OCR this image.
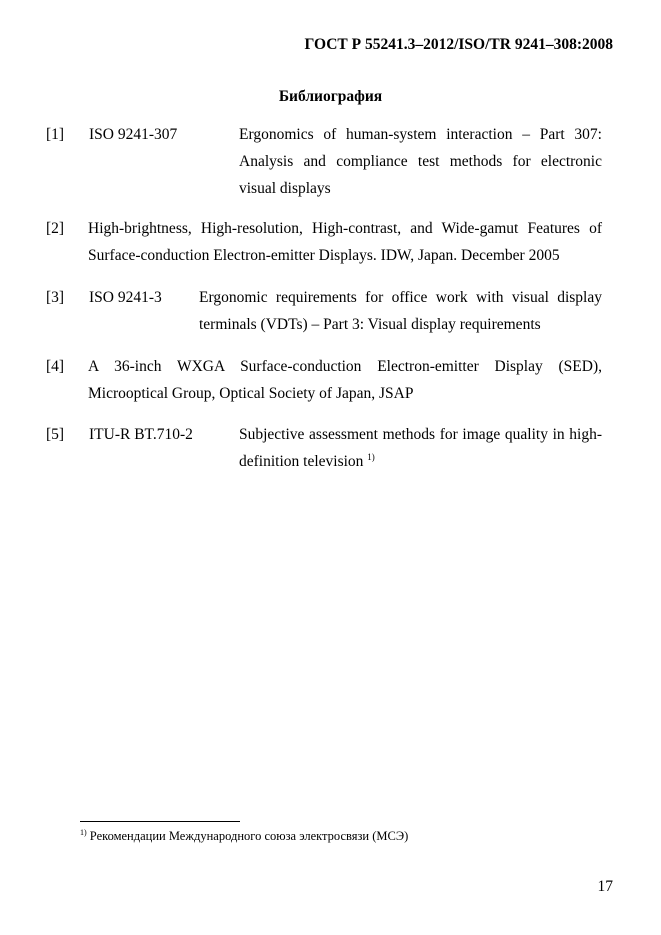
ГОСТ Р 55241.3–2012/ISO/TR 9241–308:2008
Библиография
[1] ISO 9241-307	Ergonomics of human-system interaction – Part 307:
Analysis and compliance test methods for electronic
visual displays
[2] High-brightness, High-resolution, High-contrast, and Wide-gamut Features of
Surface-conduction Electron-emitter Displays. IDW, Japan. December 2005
[3] ISO 9241-3 Ergonomic requirements for office work with visual display
terminals (VDTs) – Part 3: Visual display requirements
[4] A 36-inch WXGA Surface-conduction Electron-emitter Display (SED),
Microoptical Group, Optical Society of Japan, JSAP
[5] ITU-R BT.710-2	Subjective assessment methods for image quality in high-
definition television $^{1)}$
$^{1)}$ Рекомендации Международного союза электросвязи (МСЭ)
17
